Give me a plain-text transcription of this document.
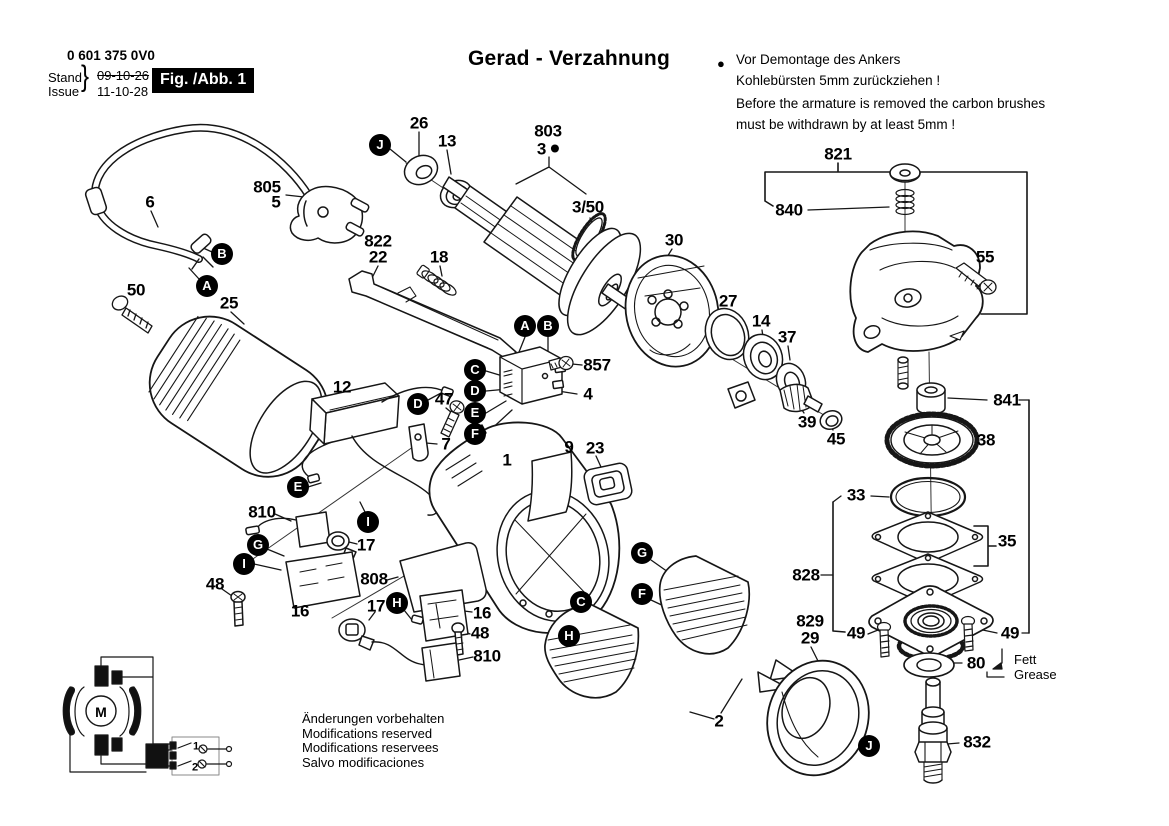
0 601 375 0V0
Stand
Issue } 09-10-26
11-10-28
Fig. /Abb. 1
Gerad - Verzahnung	● Vor Demontage des Ankers
Kohlebürsten 5mm zurückziehen !
Before the armature is removed the carbon brushes
must be withdrawn by at least 5mm !
Änderungen vorbehalten
Modifications reserved
Modifications reservees
Salvo modificaciones
Fett
Grease
M
1
2
26
13
803
3
3/50
805
5
6
50
25
822
22	18
30
27
14
37
821
840
55
841
38
33
35
857
4
12
47
7	9 23
1
39
45
810
17
48
16
808
17	16
48
810
828
829
29 49	49
80
832
2
B
A
J
A	B
C
D
E
F
D
E
I
G
I
H
G
F
C
H
J
